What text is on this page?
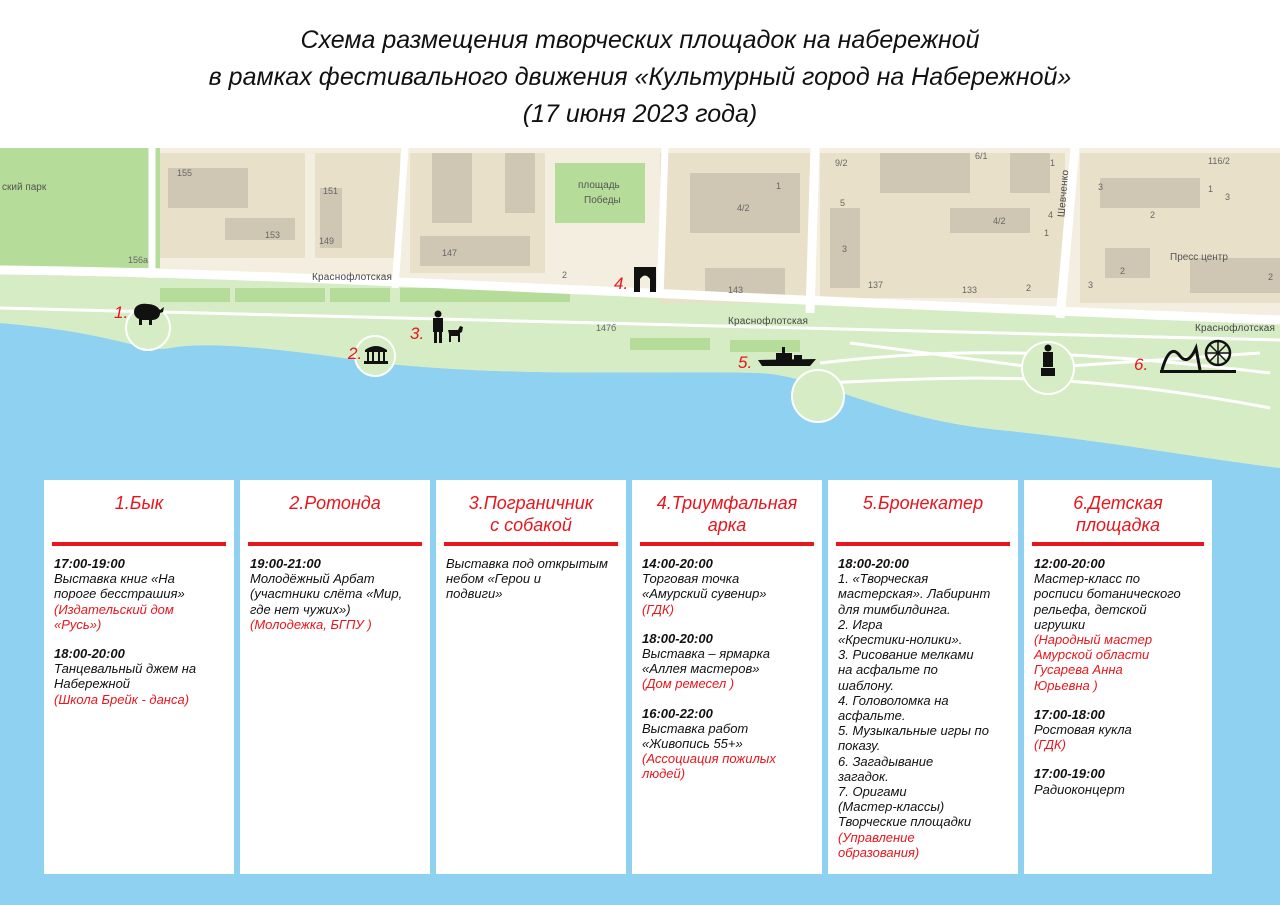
Схема размещения творческих площадок на набережной
в рамках фестивального движения «Культурный город на Набережной»
(17 июня 2023 года)
ский парк	площадь
Победы
Краснофлотская
Краснофлотская
Краснофлотская
Шевченко
Пресс центр
155
156а
151
153
149
147
2
4/2
1
143
147б
9/2
5
3
137	133	2
6/1
4/2
1
116/2
3	1
2
2
3
1
2
4
3
1.
2.
3.
4.
5.	6.
1.Бык
17:00-19:00
Выставка книг «На
пороге бесстрашия»
(Издательский дом
«Русь»)
18:00-20:00
Танцевальный джем на
Набережной
(Школа Брейк - данса)
2.Ротонда
19:00-21:00
Молодёжный Арбат
(участники слёта «Мир,
где нет чужих»)
(Молодежка, БГПУ )
3.Пограничник
с собакой
Выставка под открытым
небом «Герои и
подвиги»
4.Триумфальная
арка
14:00-20:00
Торговая точка
«Амурский сувенир»
(ГДК)
18:00-20:00
Выставка – ярмарка
«Аллея мастеров»
(Дом ремесел )
16:00-22:00
Выставка работ
«Живопись 55+»
(Ассоциация пожилых
людей)
5.Бронекатер
18:00-20:00
1. «Творческая
мастерская». Лабиринт
для тимбилдинга.
2. Игра
«Крестики-нолики».
3. Рисование мелками
на асфальте по
шаблону.
4. Головоломка на
асфальте.
5. Музыкальные игры по
показу.
6. Загадывание
загадок.
7. Оригами
(Мастер-классы)
Творческие площадки
(Управление
образования)
6.Детская
площадка
12:00-20:00
Мастер-класс по
росписи ботанического
рельефа, детской
игрушки
(Народный мастер
Амурской области
Гусарева Анна
Юрьевна )
17:00-18:00
Ростовая кукла
(ГДК)
17:00-19:00
Радиоконцерт
